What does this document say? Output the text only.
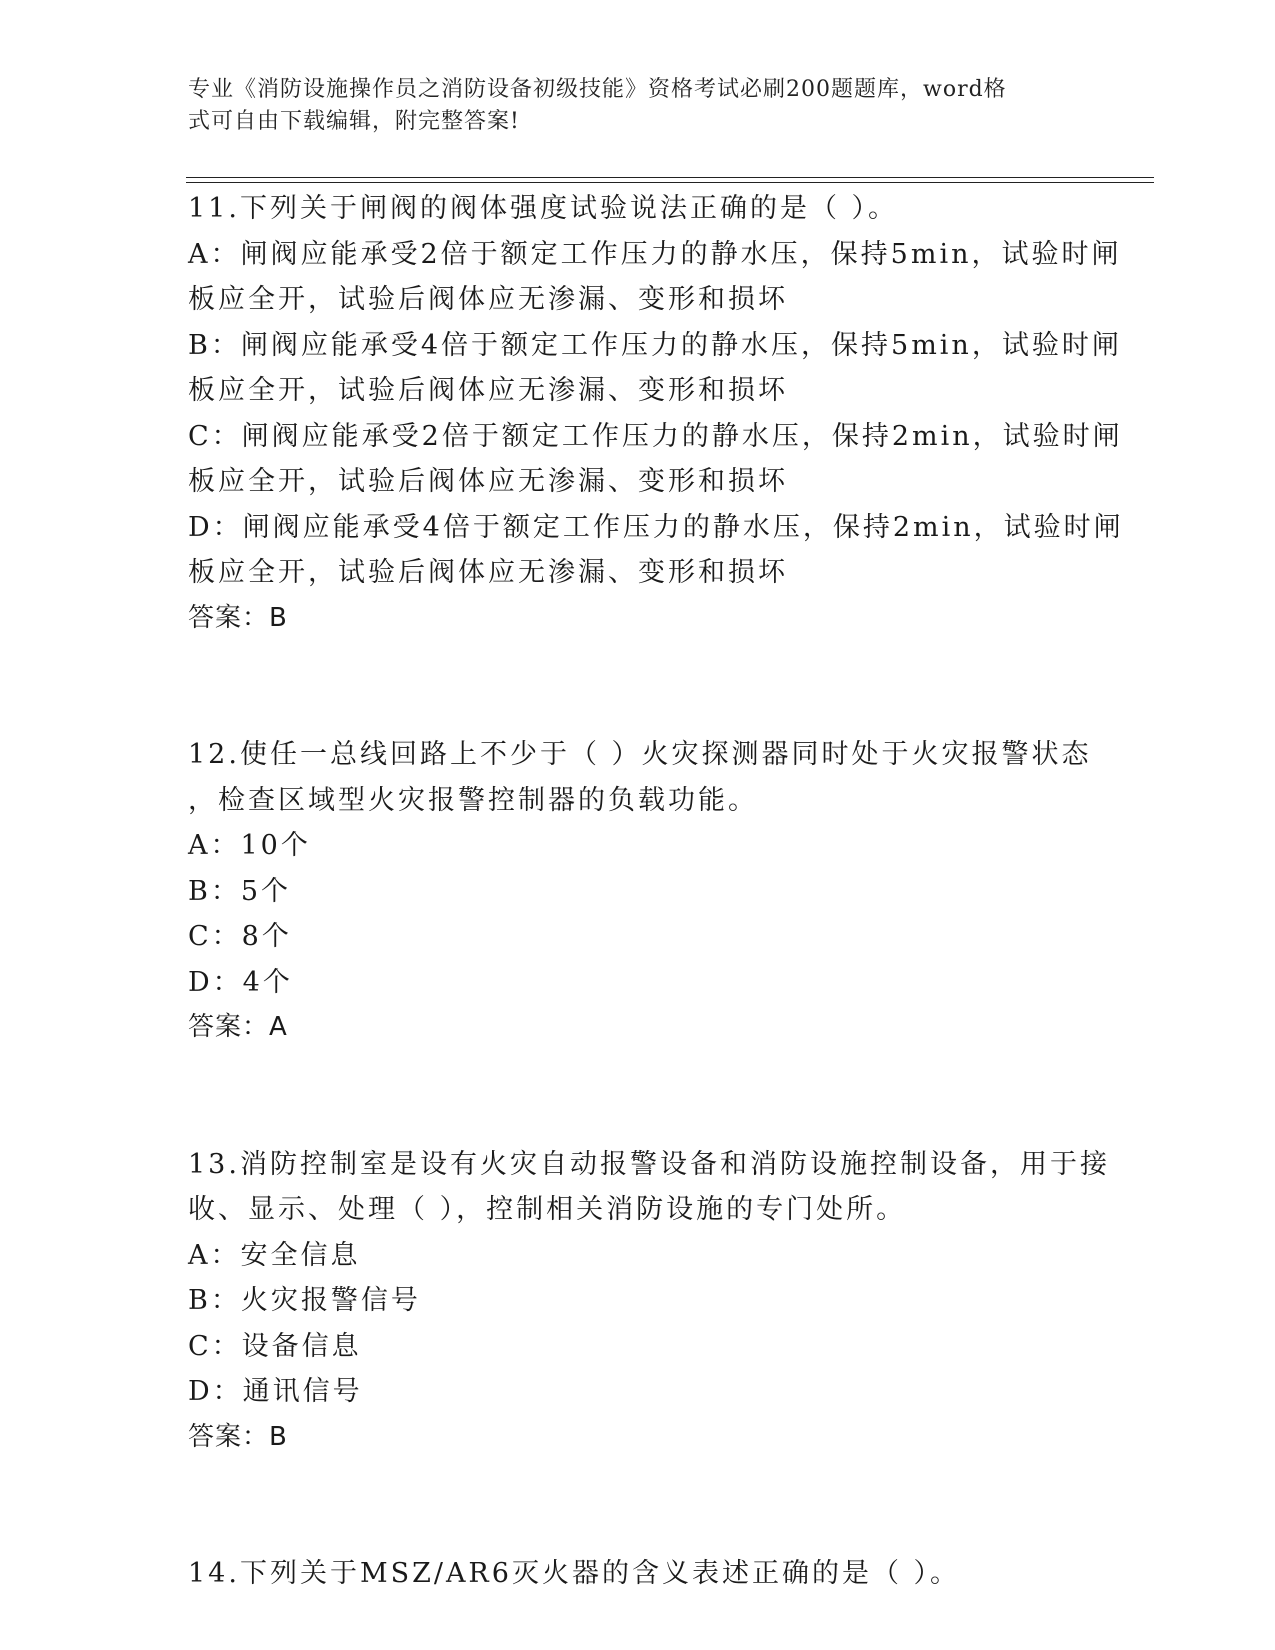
专业《消防设施操作员之消防设备初级技能》资格考试必刷200题题库，word格
式可自由下载编辑，附完整答案!
11.下列关于闸阀的阀体强度试验说法正确的是（ ）。
A：闸阀应能承受2倍于额定工作压力的静水压，保持5min，试验时闸
板应全开，试验后阀体应无渗漏、变形和损坏
B：闸阀应能承受4倍于额定工作压力的静水压，保持5min，试验时闸
板应全开，试验后阀体应无渗漏、变形和损坏
C：闸阀应能承受2倍于额定工作压力的静水压，保持2min，试验时闸
板应全开，试验后阀体应无渗漏、变形和损坏
D：闸阀应能承受4倍于额定工作压力的静水压，保持2min，试验时闸
板应全开，试验后阀体应无渗漏、变形和损坏
答案：B
12.使任一总线回路上不少于（ ）火灾探测器同时处于火灾报警状态
，检查区域型火灾报警控制器的负载功能。
A：10个
B：5个
C：8个
D：4个
答案：A
13.消防控制室是设有火灾自动报警设备和消防设施控制设备，用于接
收、显示、处理（ ），控制相关消防设施的专门处所。
A：安全信息
B：火灾报警信号
C：设备信息
D：通讯信号
答案：B
14.下列关于MSZ/AR6灭火器的含义表述正确的是（ ）。
